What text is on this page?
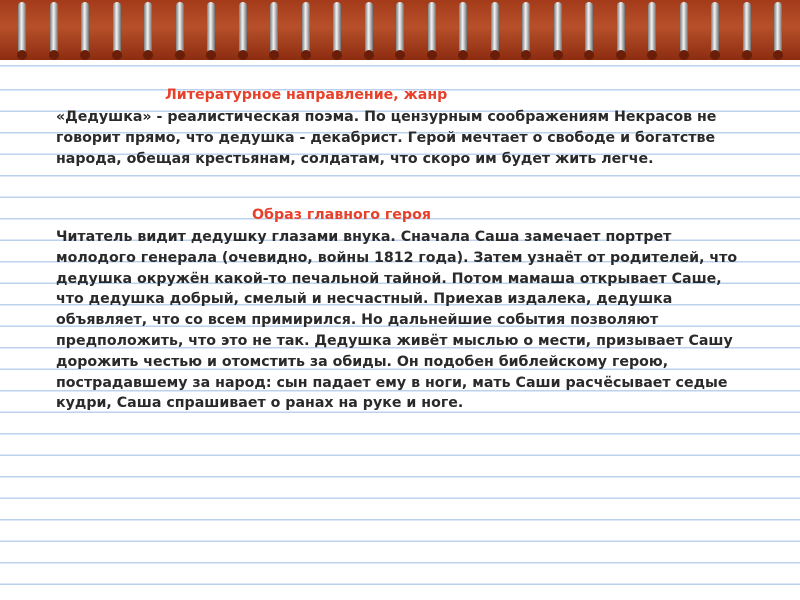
Литературное направление, жанр
«Дедушка» - реалистическая поэма. По цензурным соображениям Некрасов не
говорит прямо, что дедушка - декабрист. Герой мечтает о свободе и богатстве
народа, обещая крестьянам, солдатам, что скоро им будет жить легче.
Образ главного героя
Читатель видит дедушку глазами внука. Сначала Саша замечает портрет
молодого генерала (очевидно, войны 1812 года). Затем узнаёт от родителей, что
дедушка окружён какой-то печальной тайной. Потом мамаша открывает Саше,
что дедушка добрый, смелый и несчастный. Приехав издалека, дедушка
объявляет, что со всем примирился. Но дальнейшие события позволяют
предположить, что это не так. Дедушка живёт мыслью о мести, призывает Сашу
дорожить честью и отомстить за обиды. Он подобен библейскому герою,
пострадавшему за народ: сын падает ему в ноги, мать Саши расчёсывает седые
кудри, Саша спрашивает о ранах на руке и ноге.
